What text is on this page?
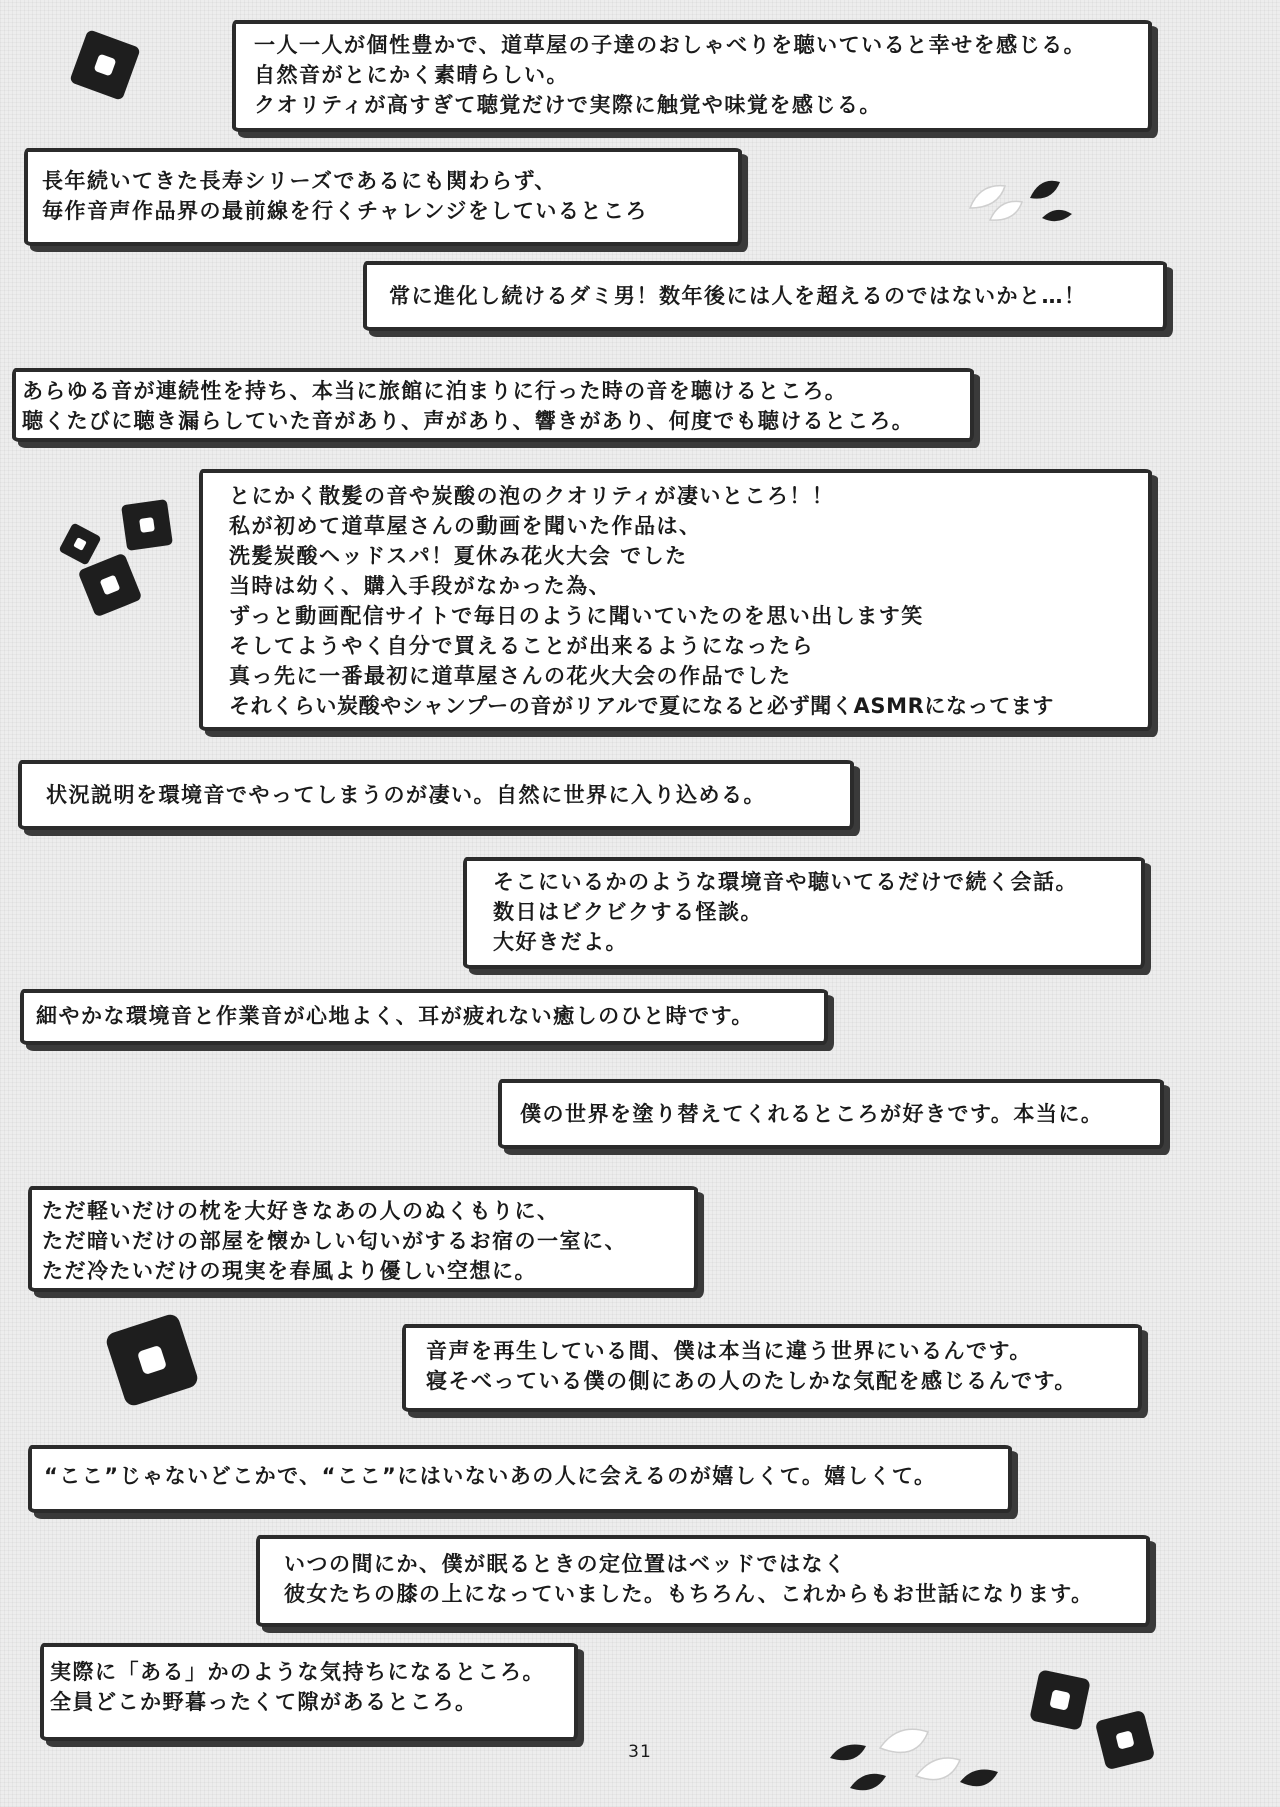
一人一人が個性豊かで、道草屋の子達のおしゃべりを聴いていると幸せを感じる。
自然音がとにかく素晴らしい。
クオリティが高すぎて聴覚だけで実際に触覚や味覚を感じる。
長年続いてきた長寿シリーズであるにも関わらず、
毎作音声作品界の最前線を行くチャレンジをしているところ
常に進化し続けるダミ男！数年後には人を超えるのではないかと…！
あらゆる音が連続性を持ち、本当に旅館に泊まりに行った時の音を聴けるところ。
聴くたびに聴き漏らしていた音があり、声があり、響きがあり、何度でも聴けるところ。
とにかく散髪の音や炭酸の泡のクオリティが凄いところ！！
私が初めて道草屋さんの動画を聞いた作品は、
洗髪炭酸ヘッドスパ！夏休み花火大会 でした
当時は幼く、購入手段がなかった為、
ずっと動画配信サイトで毎日のように聞いていたのを思い出します笑
そしてようやく自分で買えることが出来るようになったら
真っ先に一番最初に道草屋さんの花火大会の作品でした
それくらい炭酸やシャンプーの音がリアルで夏になると必ず聞くASMRになってます
状況説明を環境音でやってしまうのが凄い。自然に世界に入り込める。
そこにいるかのような環境音や聴いてるだけで続く会話。
数日はビクビクする怪談。
大好きだよ。
細やかな環境音と作業音が心地よく、耳が疲れない癒しのひと時です。
僕の世界を塗り替えてくれるところが好きです。本当に。
ただ軽いだけの枕を大好きなあの人のぬくもりに、
ただ暗いだけの部屋を懐かしい匂いがするお宿の一室に、
ただ冷たいだけの現実を春風より優しい空想に。
音声を再生している間、僕は本当に違う世界にいるんです。
寝そべっている僕の側にあの人のたしかな気配を感じるんです。
“ここ”じゃないどこかで、“ここ”にはいないあの人に会えるのが嬉しくて。嬉しくて。
いつの間にか、僕が眠るときの定位置はベッドではなく
彼女たちの膝の上になっていました。もちろん、これからもお世話になります。
実際に「ある」かのような気持ちになるところ。
全員どこか野暮ったくて隙があるところ。
31
